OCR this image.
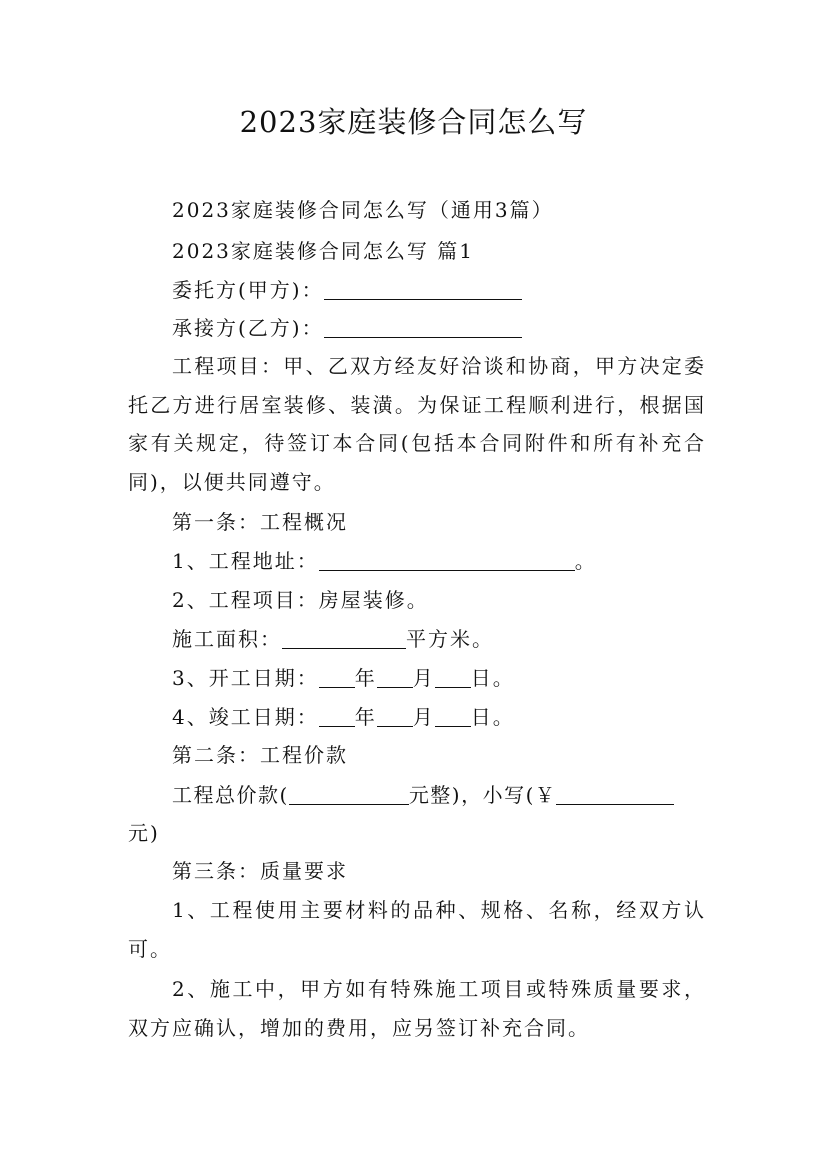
2023家庭装修合同怎么写
2023家庭装修合同怎么写（通用3篇）
2023家庭装修合同怎么写 篇1
委托方(甲方)：
承接方(乙方)：
工程项目：甲、乙双方经友好洽谈和协商，甲方决定委托乙方进行居室装修、装潢。为保证工程顺利进行，根据国家有关规定，待签订本合同(包括本合同附件和所有补充合同)，以便共同遵守。
第一条：工程概况
1、工程地址：	。
2、工程项目：房屋装修。
施工面积：	平方米。
3、开工日期： 年 月 日。
4、竣工日期： 年 月 日。
第二条：工程价款
工程总价款(	元整)，小写(￥
元)
第三条：质量要求
1、工程使用主要材料的品种、规格、名称，经双方认可。
2、施工中，甲方如有特殊施工项目或特殊质量要求，双方应确认，增加的费用，应另签订补充合同。
